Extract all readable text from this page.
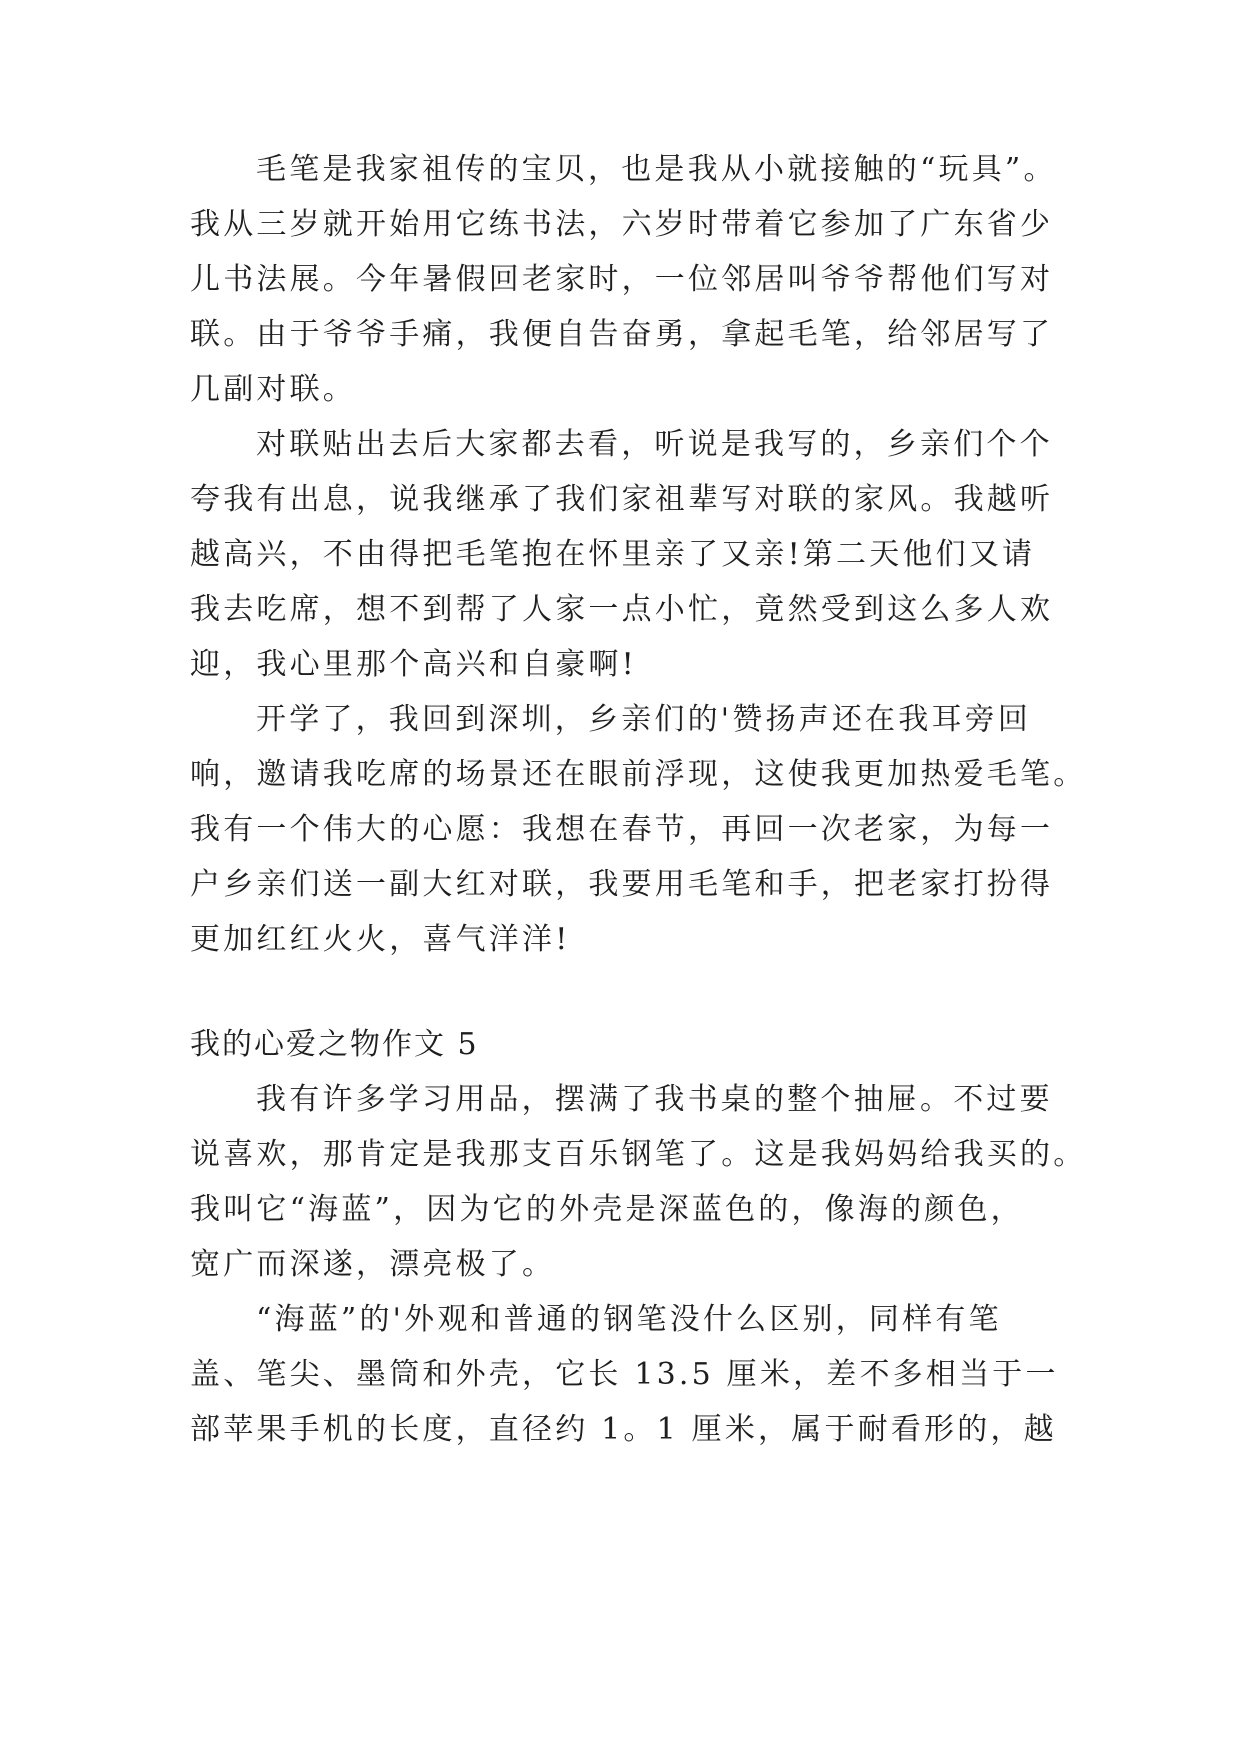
毛笔是我家祖传的宝贝，也是我从小就接触的“玩具”。

我从三岁就开始用它练书法，六岁时带着它参加了广东省少

儿书法展。今年暑假回老家时，一位邻居叫爷爷帮他们写对

联。由于爷爷手痛，我便自告奋勇，拿起毛笔，给邻居写了

几副对联。

对联贴出去后大家都去看，听说是我写的，乡亲们个个

夸我有出息，说我继承了我们家祖辈写对联的家风。我越听

越高兴，不由得把毛笔抱在怀里亲了又亲!第二天他们又请

我去吃席，想不到帮了人家一点小忙，竟然受到这么多人欢

迎，我心里那个高兴和自豪啊!

开学了，我回到深圳，乡亲们的'赞扬声还在我耳旁回

响，邀请我吃席的场景还在眼前浮现，这使我更加热爱毛笔。

我有一个伟大的心愿：我想在春节，再回一次老家，为每一

户乡亲们送一副大红对联，我要用毛笔和手，把老家打扮得

更加红红火火，喜气洋洋!

我的心爱之物作文 5

我有许多学习用品，摆满了我书桌的整个抽屉。不过要

说喜欢，那肯定是我那支百乐钢笔了。这是我妈妈给我买的。

我叫它“海蓝”，因为它的外壳是深蓝色的，像海的颜色，

宽广而深遂，漂亮极了。

“海蓝”的'外观和普通的钢笔没什么区别，同样有笔

盖、笔尖、墨筒和外壳，它长 13.5 厘米，差不多相当于一

部苹果手机的长度，直径约 1。1 厘米，属于耐看形的，越
